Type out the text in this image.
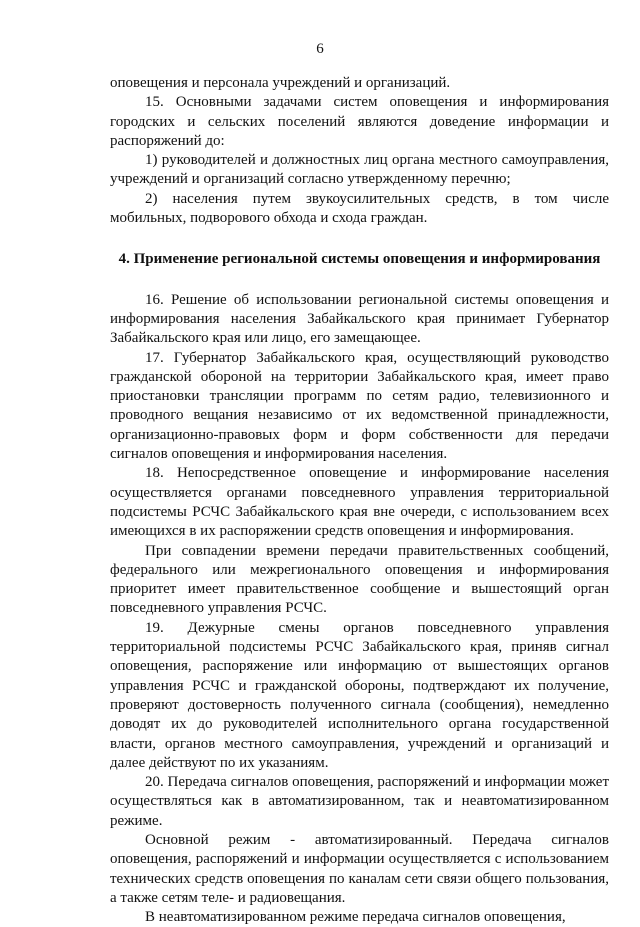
6

оповещения и персонала учреждений и организаций.

15. Основными задачами систем оповещения и информирования городских и сельских поселений являются доведение информации и распоряжений до:

1) руководителей и должностных лиц органа местного самоуправления, учреждений и организаций согласно утвержденному перечню;

2) населения путем звукоусилительных средств, в том числе мобильных, подворового обхода и схода граждан.

4. Применение региональной системы оповещения и информирования

16. Решение об использовании региональной системы оповещения и информирования населения Забайкальского края принимает Губернатор Забайкальского края или лицо, его замещающее.

17. Губернатор Забайкальского края, осуществляющий руководство гражданской обороной на территории Забайкальского края, имеет право приостановки трансляции программ по сетям радио, телевизионного и проводного вещания независимо от их ведомственной принадлежности, организационно-правовых форм и форм собственности для передачи сигналов оповещения и информирования населения.

18. Непосредственное оповещение и информирование населения осуществляется органами повседневного управления территориальной подсистемы РСЧС Забайкальского края вне очереди, с использованием всех имеющихся в их распоряжении средств оповещения и информирования.

При совпадении времени передачи правительственных сообщений, федерального или межрегионального оповещения и информирования приоритет имеет правительственное сообщение и вышестоящий орган повседневного управления РСЧС.

19. Дежурные смены органов повседневного управления территориальной подсистемы РСЧС Забайкальского края, приняв сигнал оповещения, распоряжение или информацию от вышестоящих органов управления РСЧС и гражданской обороны, подтверждают их получение, проверяют достоверность полученного сигнала (сообщения), немедленно доводят их до руководителей исполнительного органа государственной власти, органов местного самоуправления, учреждений и организаций и далее действуют по их указаниям.

20. Передача сигналов оповещения, распоряжений и информации может осуществляться как в автоматизированном, так и неавтоматизированном режиме.

Основной режим - автоматизированный. Передача сигналов оповещения, распоряжений и информации осуществляется с использованием технических средств оповещения по каналам сети связи общего пользования, а также сетям теле- и радиовещания.

В неавтоматизированном режиме передача сигналов оповещения,
